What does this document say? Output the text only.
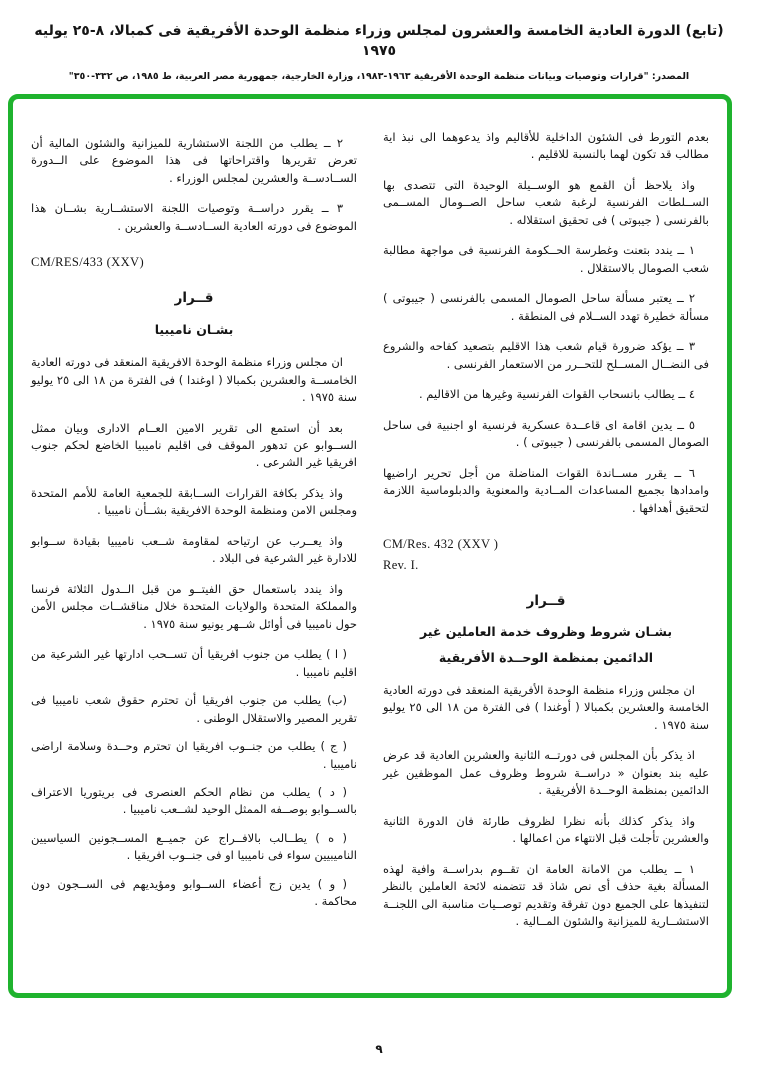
(تابع) الدورة العادية الخامسة والعشرون لمجلس وزراء منظمة الوحدة الأفريقية فى كمبالا، ٨-٢٥ يوليه ١٩٧٥
المصدر: "قرارات وتوصيات وبيانات منظمة الوحدة الأفريقية ١٩٦٣-١٩٨٣، وزارة الخارجية، جمهورية مصر العربية، ط ١٩٨٥، ص ٣٣٢-٣٥٠"

بعدم التورط فى الشئون الداخلية للأقاليم واذ يدعوهما الى نبذ اية مطالب قد تكون لهما بالنسبة للاقليم .

واذ يلاحظ أن القمع هو الوســيلة الوحيدة التى تتصدى بها الســلطات الفرنسية لرغبة شعب ساحل الصــومال المســمى بالفرنسى ( جيبوتى ) فى تحقيق استقلاله .

١ ــ يندد بتعنت وغطرسة الحــكومة الفرنسية فى مواجهة مطالبة شعب الصومال بالاستقلال .

٢ ــ يعتبر مسألة ساحل الصومال المسمى بالفرنسى ( جيبوتى ) مسألة خطيرة تهدد الســلام فى المنطقة .

٣ ــ يؤكد ضرورة قيام شعب هذا الاقليم بتصعيد كفاحه والشروع فى النضــال المســلح للتحــرر من الاستعمار الفرنسى .

٤ ــ يطالب بانسحاب القوات الفرنسية وغيرها من الاقاليم .

٥ ــ يدين اقامة اى قاعــدة عسكرية فرنسية او اجنبية فى ساحل الصومال المسمى بالفرنسى ( جيبوتى ) .

٦ ــ يقرر مســاندة القوات المناضلة من أجل تحرير اراضيها وامدادها بجميع المساعدات المــادية والمعنوية والدبلوماسية اللازمة لتحقيق أهدافها .

CM/Res. 432 (XXV )
Rev. I.

قــرار

بشـان شروط وظروف خدمة العاملين غير

الدائمين بمنظمة الوحــدة الأفريقية

ان مجلس وزراء منظمة الوحدة الأفريقية المنعقد فى دورته العادية الخامسة والعشرين بكمبالا ( أوغندا ) فى الفترة من ١٨ الى ٢٥ يوليو سنة ١٩٧٥ .

اذ يذكر بأن المجلس فى دورتــه الثانية والعشرين العادية قد عرض عليه بند بعنوان « دراســة شروط وظروف عمل الموظفين غير الدائمين بمنظمة الوحــدة الأفريقية .

واذ يذكر كذلك بأنه نظرا لظروف طارئة فان الدورة الثانية والعشرين تأجلت قبل الانتهاء من اعمالها .

١ ــ يطلب من الامانة العامة ان تقــوم بدراســة وافية لهذه المسألة بغية حذف أى نص شاذ قد تتضمنه لائحة العاملين بالنظر لتنفيذها على الجميع دون تفرقة وتقديم توصــيات مناسبة الى اللجنــة الاستشــارية للميزانية والشئون المــالية .

٢ ــ يطلب من اللجنة الاستشارية للميزانية والشئون المالية أن تعرض تقريرها واقتراحاتها فى هذا الموضوع على الــدورة الســادســة والعشرين لمجلس الوزراء .

٣ ــ يقرر دراســة وتوصيات اللجنة الاستشــارية بشــان هذا الموضوع فى دورته العادية الســادســة والعشرين .

CM/RES/433 (XXV)

قــرار

بشـان ناميبيا

ان مجلس وزراء منظمة الوحدة الافريقية المنعقد فى دورته العادية الخامســة والعشرين بكمبالا ( اوغندا ) فى الفترة من ١٨ الى ٢٥ يوليو سنة ١٩٧٥ .

بعد أن استمع الى تقرير الامين العــام الادارى وبيان ممثل الســوابو عن تدهور الموقف فى اقليم ناميبيا الخاضع لحكم جنوب افريقيا غير الشرعى .

واذ يذكر بكافة القرارات الســابقة للجمعية العامة للأمم المتحدة ومجلس الامن ومنظمة الوحدة الافريقية بشــأن ناميبيا .

واذ يعــرب عن ارتياحه لمقاومة شــعب ناميبيا بقيادة ســوابو للادارة غير الشرعية فى البلاد .

واذ يندد باستعمال حق الفيتــو من قبل الــدول الثلاثة فرنسا والمملكة المتحدة والولايات المتحدة خلال مناقشــات مجلس الأمن حول ناميبيا فى أوائل شــهر يونيو سنة ١٩٧٥ .

( ا ) يطلب من جنوب افريقيا أن تســحب ادارتها غير الشرعية من اقليم ناميبيا .

(ب) يطلب من جنوب افريقيا أن تحترم حقوق شعب ناميبيا فى تقرير المصير والاستقلال الوطنى .

( ج ) يطلب من جنــوب افريقيا ان تحترم وحــدة وسلامة اراضى ناميبيا .

( د ) يطلب من نظام الحكم العنصرى فى بريتوريا الاعتراف بالســوابو بوصــفه الممثل الوحيد لشــعب ناميبيا .

( ه ) يطــالب بالافــراج عن جميــع المســجونين السياسيين الناميبيين سواء فى ناميبيا او فى جنــوب افريقيا .

( و ) يدين زج أعضاء الســوابو ومؤيديهم فى الســجون دون محاكمة .

٩
